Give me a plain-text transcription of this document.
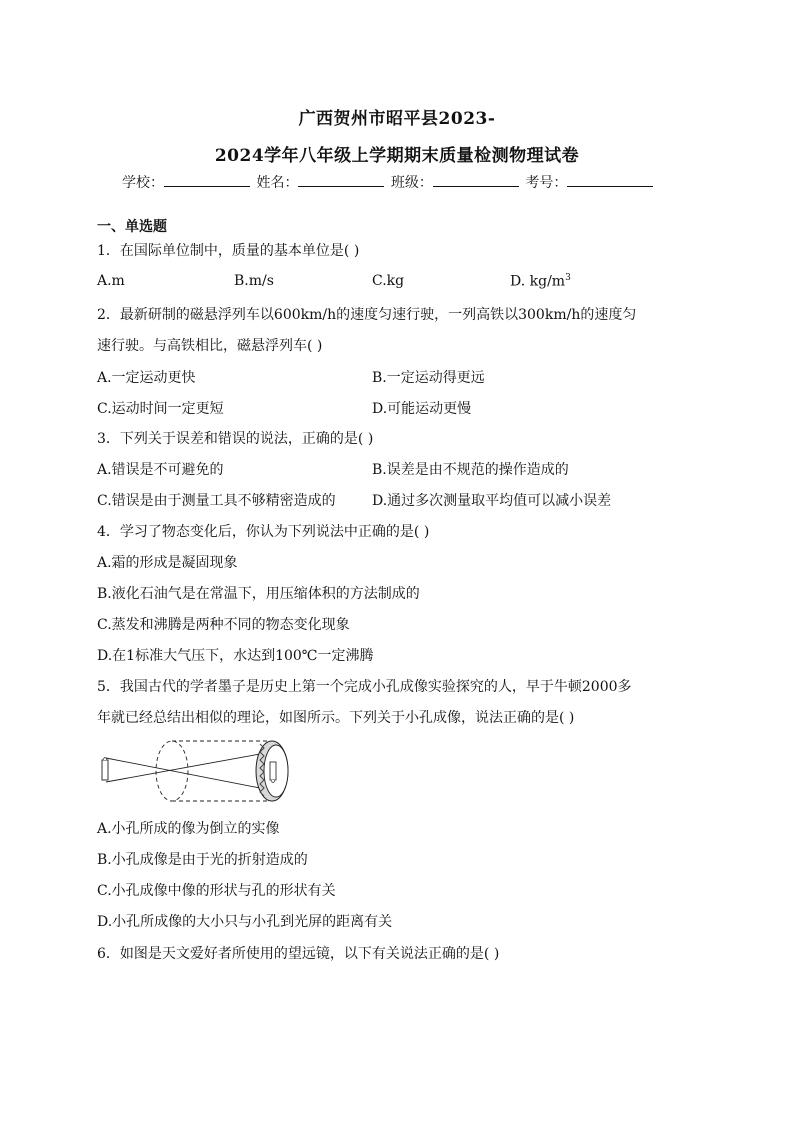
广西贺州市昭平县2023-
2024学年八年级上学期期末质量检测物理试卷
学校：	姓名：	班级：	考号：
一、单选题
1．在国际单位制中，质量的基本单位是( )
A.m	B.m/s	C.kg	D. $kg/m^3$
2．最新研制的磁悬浮列车以600km/h的速度匀速行驶，一列高铁以300km/h的速度匀
速行驶。与高铁相比，磁悬浮列车( )
A.一定运动更快	B.一定运动得更远
C.运动时间一定更短	D.可能运动更慢
3．下列关于误差和错误的说法，正确的是( )
A.错误是不可避免的	B.误差是由不规范的操作造成的
C.错误是由于测量工具不够精密造成的	D.通过多次测量取平均值可以减小误差
4．学习了物态变化后，你认为下列说法中正确的是( )
A.霜的形成是凝固现象
B.液化石油气是在常温下，用压缩体积的方法制成的
C.蒸发和沸腾是两种不同的物态变化现象
D.在1标准大气压下，水达到100℃一定沸腾
5．我国古代的学者墨子是历史上第一个完成小孔成像实验探究的人，早于牛顿2000多
年就已经总结出相似的理论，如图所示。下列关于小孔成像，说法正确的是( )
A.小孔所成的像为倒立的实像
B.小孔成像是由于光的折射造成的
C.小孔成像中像的形状与孔的形状有关
D.小孔所成像的大小只与小孔到光屏的距离有关
6．如图是天文爱好者所使用的望远镜，以下有关说法正确的是( )
